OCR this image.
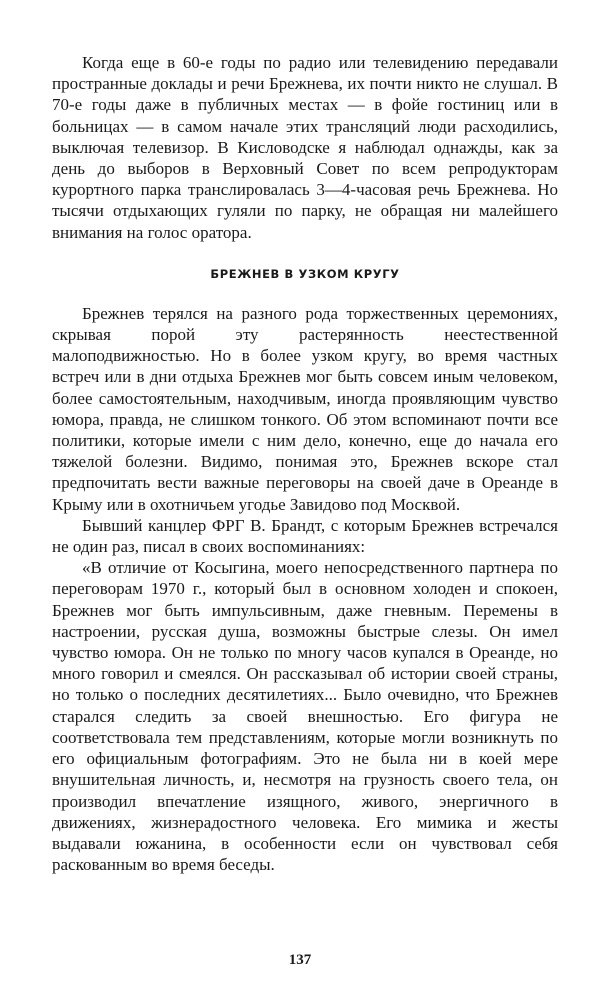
Когда еще в 60-е годы по радио или телевидению передавали пространные доклады и речи Брежнева, их почти никто не слушал. В 70-е годы даже в публичных местах — в фойе гостиниц или в больницах — в самом начале этих трансляций люди расходились, выключая телевизор. В Кисловодске я наблюдал однажды, как за день до выборов в Верховный Совет по всем репродукторам курортного парка транслировалась 3—4-часовая речь Брежнева. Но тысячи отдыхающих гуляли по парку, не обращая ни малейшего внимания на голос оратора.

БРЕЖНЕВ В УЗКОМ КРУГУ

Брежнев терялся на разного рода торжественных церемониях, скрывая порой эту растерянность неестественной малоподвижностью. Но в более узком кругу, во время частных встреч или в дни отдыха Брежнев мог быть совсем иным человеком, более самостоятельным, находчивым, иногда проявляющим чувство юмора, правда, не слишком тонкого. Об этом вспоминают почти все политики, которые имели с ним дело, конечно, еще до начала его тяжелой болезни. Видимо, понимая это, Брежнев вскоре стал предпочитать вести важные переговоры на своей даче в Ореанде в Крыму или в охотничьем угодье Завидово под Москвой.

Бывший канцлер ФРГ В. Брандт, с которым Брежнев встречался не один раз, писал в своих воспоминаниях:

«В отличие от Косыгина, моего непосредственного партнера по переговорам 1970 г., который был в основном холоден и спокоен, Брежнев мог быть импульсивным, даже гневным. Перемены в настроении, русская душа, возможны быстрые слезы. Он имел чувство юмора. Он не только по многу часов купался в Ореанде, но много говорил и смеялся. Он рассказывал об истории своей страны, но только о последних десятилетиях... Было очевидно, что Брежнев старался следить за своей внешностью. Его фигура не соответствовала тем представлениям, которые могли возникнуть по его официальным фотографиям. Это не была ни в коей мере внушительная личность, и, несмотря на грузность своего тела, он производил впечатление изящного, живого, энергичного в движениях, жизнерадостного человека. Его мимика и жесты выдавали южанина, в особенности если он чувствовал себя раскованным во время беседы.

137
